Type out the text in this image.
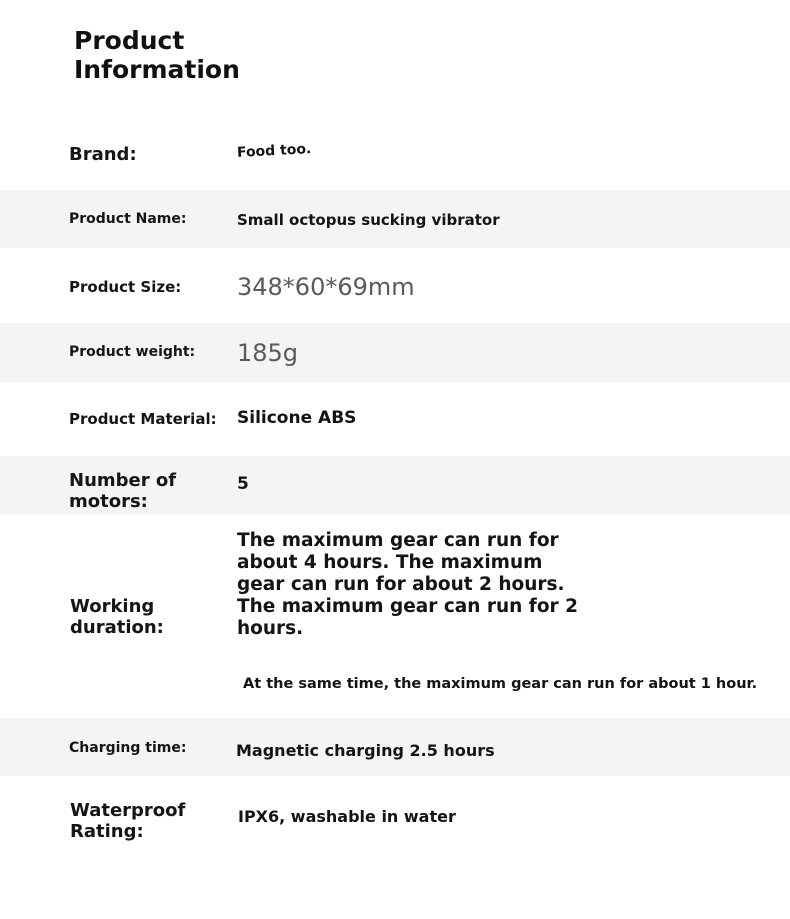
Product Information
Brand:	Food too.
Product Name:	Small octopus sucking vibrator
Product Size: 348*60*69mm
Product weight: 185g
Product Material: Silicone ABS
Number of motors:
5
Working duration:
The maximum gear can run for about 4 hours. The maximum gear can run for about 2 hours. The maximum gear can run for 2 hours.
At the same time, the maximum gear can run for about 1 hour.
Charging time:	Magnetic charging 2.5 hours
Waterproof Rating:
IPX6, washable in water
